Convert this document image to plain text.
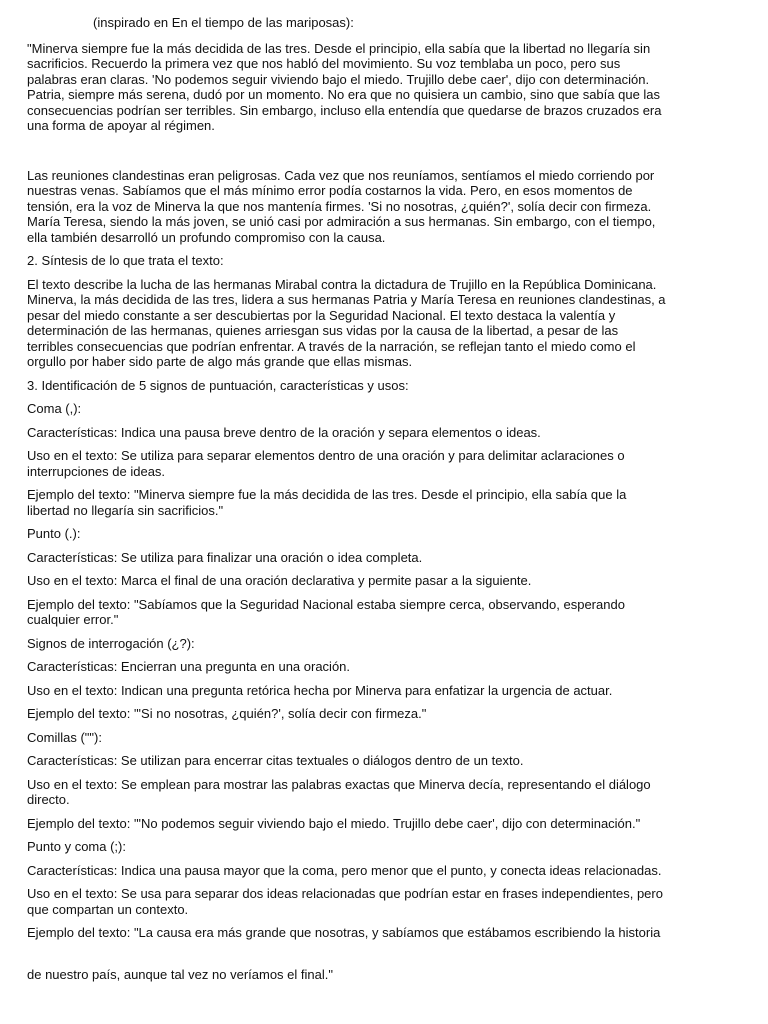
(inspirado en En el tiempo de las mariposas):

"Minerva siempre fue la más decidida de las tres. Desde el principio, ella sabía que la libertad no llegaría sin sacrificios. Recuerdo la primera vez que nos habló del movimiento. Su voz temblaba un poco, pero sus palabras eran claras. 'No podemos seguir viviendo bajo el miedo. Trujillo debe caer', dijo con determinación. Patria, siempre más serena, dudó por un momento. No era que no quisiera un cambio, sino que sabía que las consecuencias podrían ser terribles. Sin embargo, incluso ella entendía que quedarse de brazos cruzados era una forma de apoyar al régimen.

Las reuniones clandestinas eran peligrosas. Cada vez que nos reuníamos, sentíamos el miedo corriendo por nuestras venas. Sabíamos que el más mínimo error podía costarnos la vida. Pero, en esos momentos de tensión, era la voz de Minerva la que nos mantenía firmes. 'Si no nosotras, ¿quién?', solía decir con firmeza. María Teresa, siendo la más joven, se unió casi por admiración a sus hermanas. Sin embargo, con el tiempo, ella también desarrolló un profundo compromiso con la causa.

2. Síntesis de lo que trata el texto:

El texto describe la lucha de las hermanas Mirabal contra la dictadura de Trujillo en la República Dominicana. Minerva, la más decidida de las tres, lidera a sus hermanas Patria y María Teresa en reuniones clandestinas, a pesar del miedo constante a ser descubiertas por la Seguridad Nacional. El texto destaca la valentía y determinación de las hermanas, quienes arriesgan sus vidas por la causa de la libertad, a pesar de las terribles consecuencias que podrían enfrentar. A través de la narración, se reflejan tanto el miedo como el orgullo por haber sido parte de algo más grande que ellas mismas.

3. Identificación de 5 signos de puntuación, características y usos:

Coma (,):

Características: Indica una pausa breve dentro de la oración y separa elementos o ideas.

Uso en el texto: Se utiliza para separar elementos dentro de una oración y para delimitar aclaraciones o interrupciones de ideas.

Ejemplo del texto: "Minerva siempre fue la más decidida de las tres. Desde el principio, ella sabía que la libertad no llegaría sin sacrificios."

Punto (.):

Características: Se utiliza para finalizar una oración o idea completa.

Uso en el texto: Marca el final de una oración declarativa y permite pasar a la siguiente.

Ejemplo del texto: "Sabíamos que la Seguridad Nacional estaba siempre cerca, observando, esperando cualquier error."

Signos de interrogación (¿?):

Características: Encierran una pregunta en una oración.

Uso en el texto: Indican una pregunta retórica hecha por Minerva para enfatizar la urgencia de actuar.

Ejemplo del texto: "'Si no nosotras, ¿quién?', solía decir con firmeza."

Comillas (""):

Características: Se utilizan para encerrar citas textuales o diálogos dentro de un texto.

Uso en el texto: Se emplean para mostrar las palabras exactas que Minerva decía, representando el diálogo directo.

Ejemplo del texto: "'No podemos seguir viviendo bajo el miedo. Trujillo debe caer', dijo con determinación."

Punto y coma (;):

Características: Indica una pausa mayor que la coma, pero menor que el punto, y conecta ideas relacionadas.

Uso en el texto: Se usa para separar dos ideas relacionadas que podrían estar en frases independientes, pero que compartan un contexto.

Ejemplo del texto: "La causa era más grande que nosotras, y sabíamos que estábamos escribiendo la historia

de nuestro país, aunque tal vez no veríamos el final."
